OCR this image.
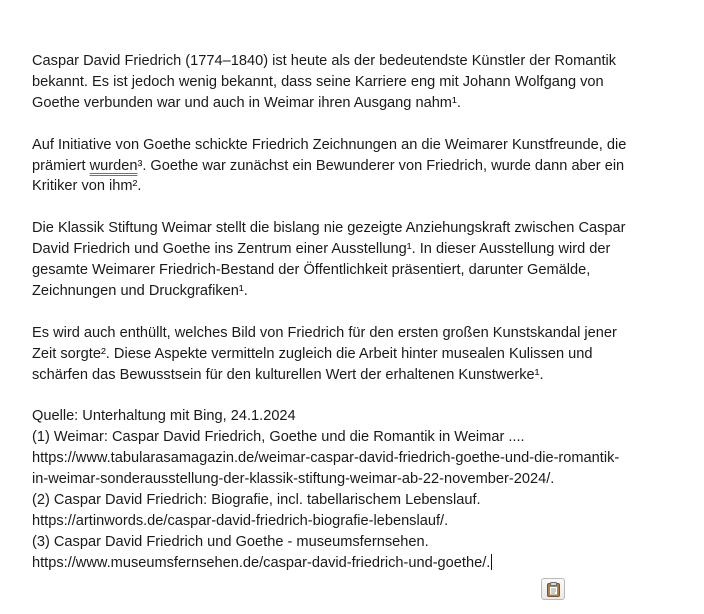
Caspar David Friedrich (1774–1840) ist heute als der bedeutendste Künstler der Romantik
bekannt. Es ist jedoch wenig bekannt, dass seine Karriere eng mit Johann Wolfgang von
Goethe verbunden war und auch in Weimar ihren Ausgang nahm¹.

Auf Initiative von Goethe schickte Friedrich Zeichnungen an die Weimarer Kunstfreunde, die
prämiert wurden³. Goethe war zunächst ein Bewunderer von Friedrich, wurde dann aber ein
Kritiker von ihm².

Die Klassik Stiftung Weimar stellt die bislang nie gezeigte Anziehungskraft zwischen Caspar
David Friedrich und Goethe ins Zentrum einer Ausstellung¹. In dieser Ausstellung wird der
gesamte Weimarer Friedrich-Bestand der Öffentlichkeit präsentiert, darunter Gemälde,
Zeichnungen und Druckgrafiken¹.

Es wird auch enthüllt, welches Bild von Friedrich für den ersten großen Kunstskandal jener
Zeit sorgte². Diese Aspekte vermitteln zugleich die Arbeit hinter musealen Kulissen und
schärfen das Bewusstsein für den kulturellen Wert der erhaltenen Kunstwerke¹.

Quelle: Unterhaltung mit Bing, 24.1.2024
(1) Weimar: Caspar David Friedrich, Goethe und die Romantik in Weimar ....
https://www.tabularasamagazin.de/weimar-caspar-david-friedrich-goethe-und-die-romantik-
in-weimar-sonderausstellung-der-klassik-stiftung-weimar-ab-22-november-2024/.
(2) Caspar David Friedrich: Biografie, incl. tabellarischem Lebenslauf.
https://artinwords.de/caspar-david-friedrich-biografie-lebenslauf/.
(3) Caspar David Friedrich und Goethe - museumsfernsehen.
https://www.museumsfernsehen.de/caspar-david-friedrich-und-goethe/.
